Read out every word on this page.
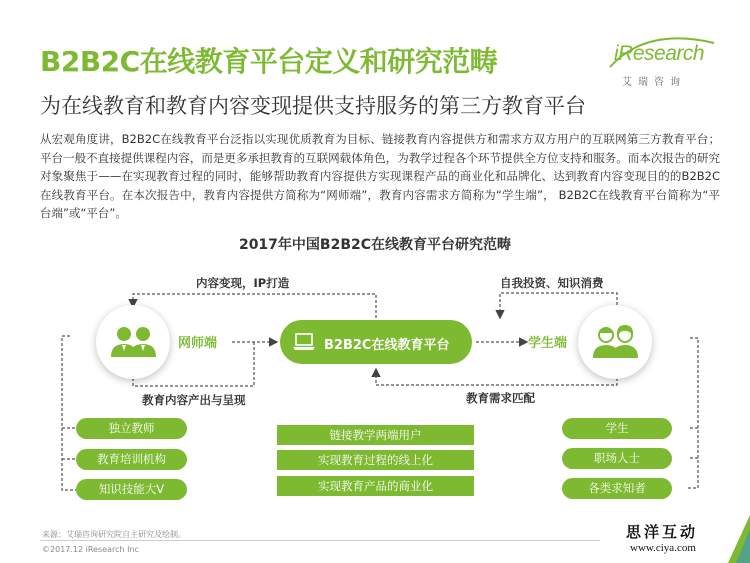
B2B2C在线教育平台定义和研究范畴
为在线教育和教育内容变现提供支持服务的第三方教育平台
iResearch
艾瑞咨询
从宏观角度讲，B2B2C在线教育平台泛指以实现优质教育为目标、链接教育内容提供方和需求方双方用户的互联网第三方教育平台；平台一般不直接提供课程内容，而是更多承担教育的互联网载体角色，为教学过程各个环节提供全方位支持和服务。而本次报告的研究对象聚焦于——在实现教育过程的同时，能够帮助教育内容提供方实现课程产品的商业化和品牌化、达到教育内容变现目的的B2B2C在线教育平台。在本次报告中，教育内容提供方简称为“网师端”，教育内容需求方简称为“学生端”， B2B2C在线教育平台简称为“平台端”或“平台”。
2017年中国B2B2C在线教育平台研究范畴
内容变现，IP打造	自我投资、知识消费
教育内容产出与呈现	教育需求匹配
网师端	学生端
B2B2C在线教育平台
独立教师
教育培训机构
知识技能大V
链接教学两端用户
实现教育过程的线上化
实现教育产品的商业化
学生
职场人士
各类求知者
来源：艾瑞咨询研究院自主研究及绘制。
©2017.12 iResearch Inc
思洋互动
www.ciya.com
